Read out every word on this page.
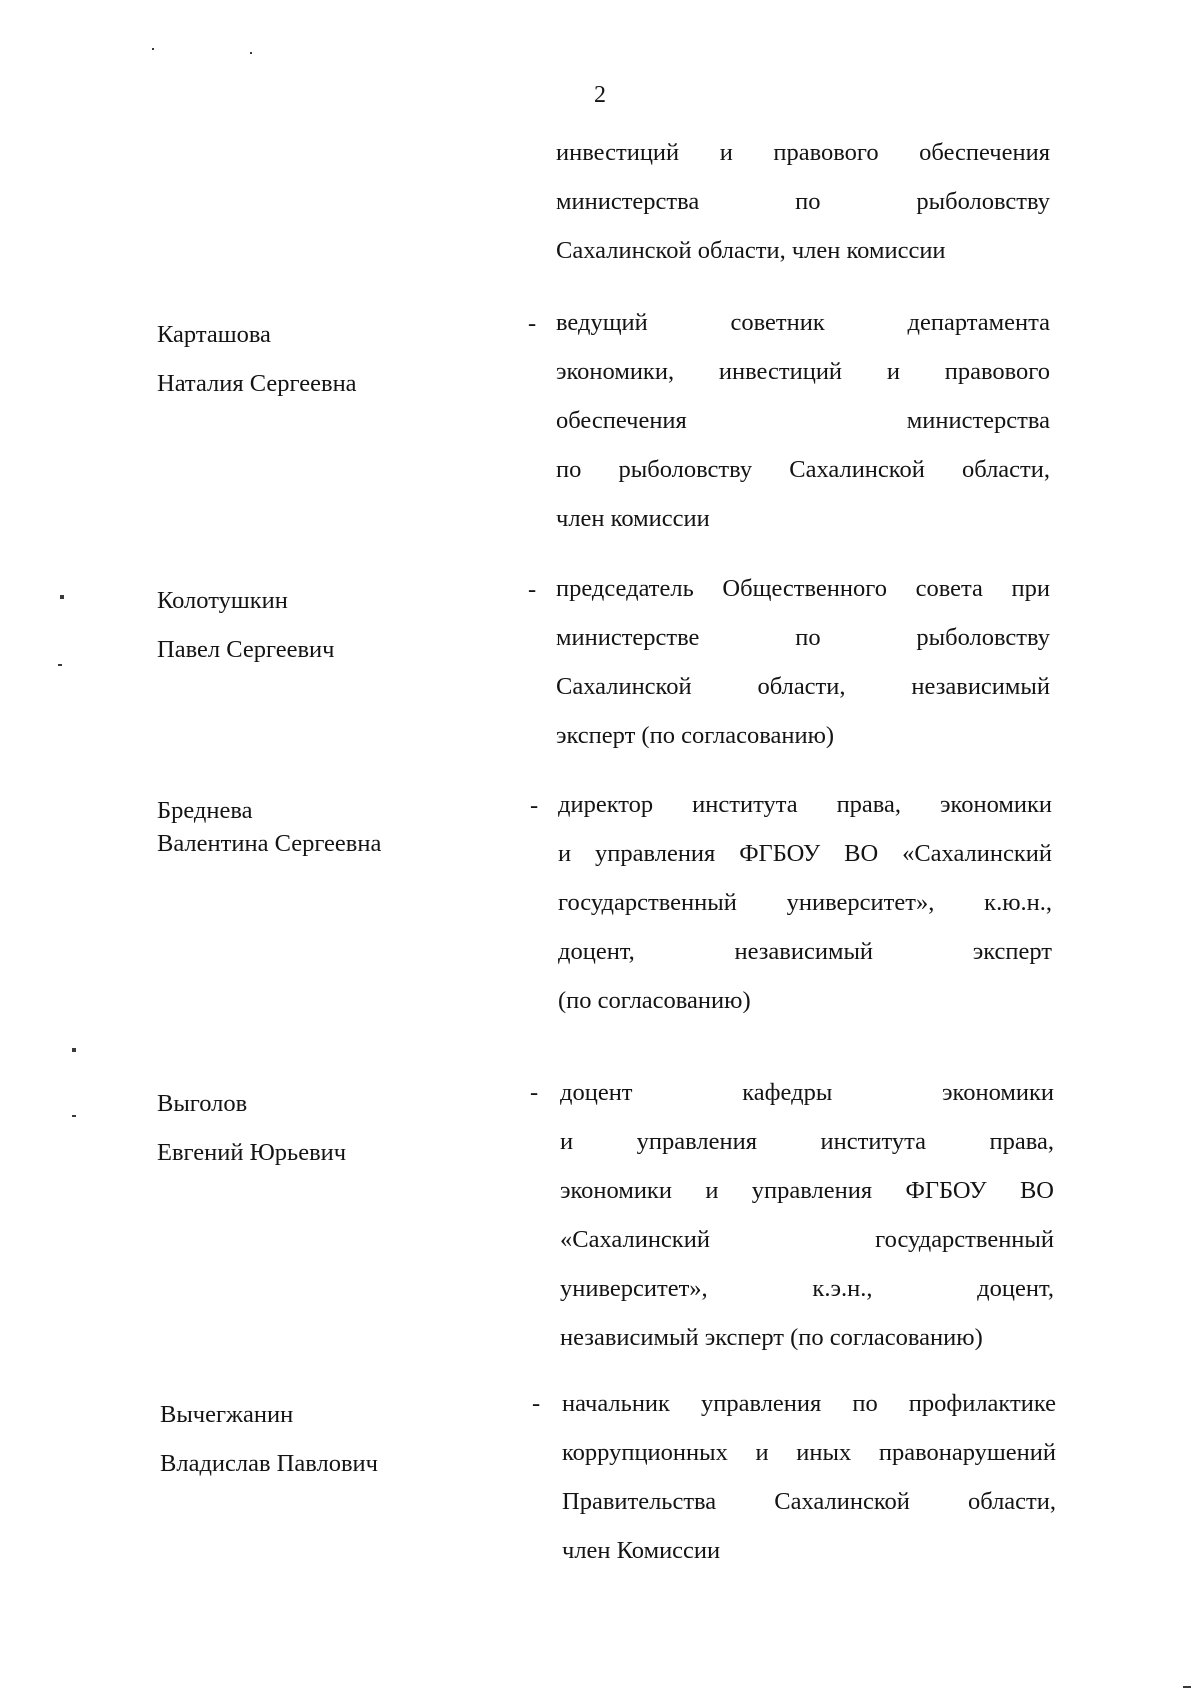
2
инвестиций и правового обеспечения
министерства по рыболовству
Сахалинской области, член комиссии
Карташова
Наталия Сергеевна
- ведущий советник департамента
экономики, инвестиций и правового
обеспечения министерства
по рыболовству Сахалинской области,
член комиссии
Колотушкин
Павел Сергеевич
- председатель Общественного совета при
министерстве по рыболовству
Сахалинской области, независимый
эксперт (по согласованию)
Бреднева
Валентина Сергеевна
- директор института права, экономики
и управления ФГБОУ ВО «Сахалинский
государственный университет», к.ю.н.,
доцент, независимый эксперт
(по согласованию)
Выголов
Евгений Юрьевич
- доцент кафедры экономики
и управления института права,
экономики и управления ФГБОУ ВО
«Сахалинский государственный
университет», к.э.н., доцент,
независимый эксперт (по согласованию)
Вычегжанин
Владислав Павлович
- начальник управления по профилактике
коррупционных и иных правонарушений
Правительства Сахалинской области,
член Комиссии
